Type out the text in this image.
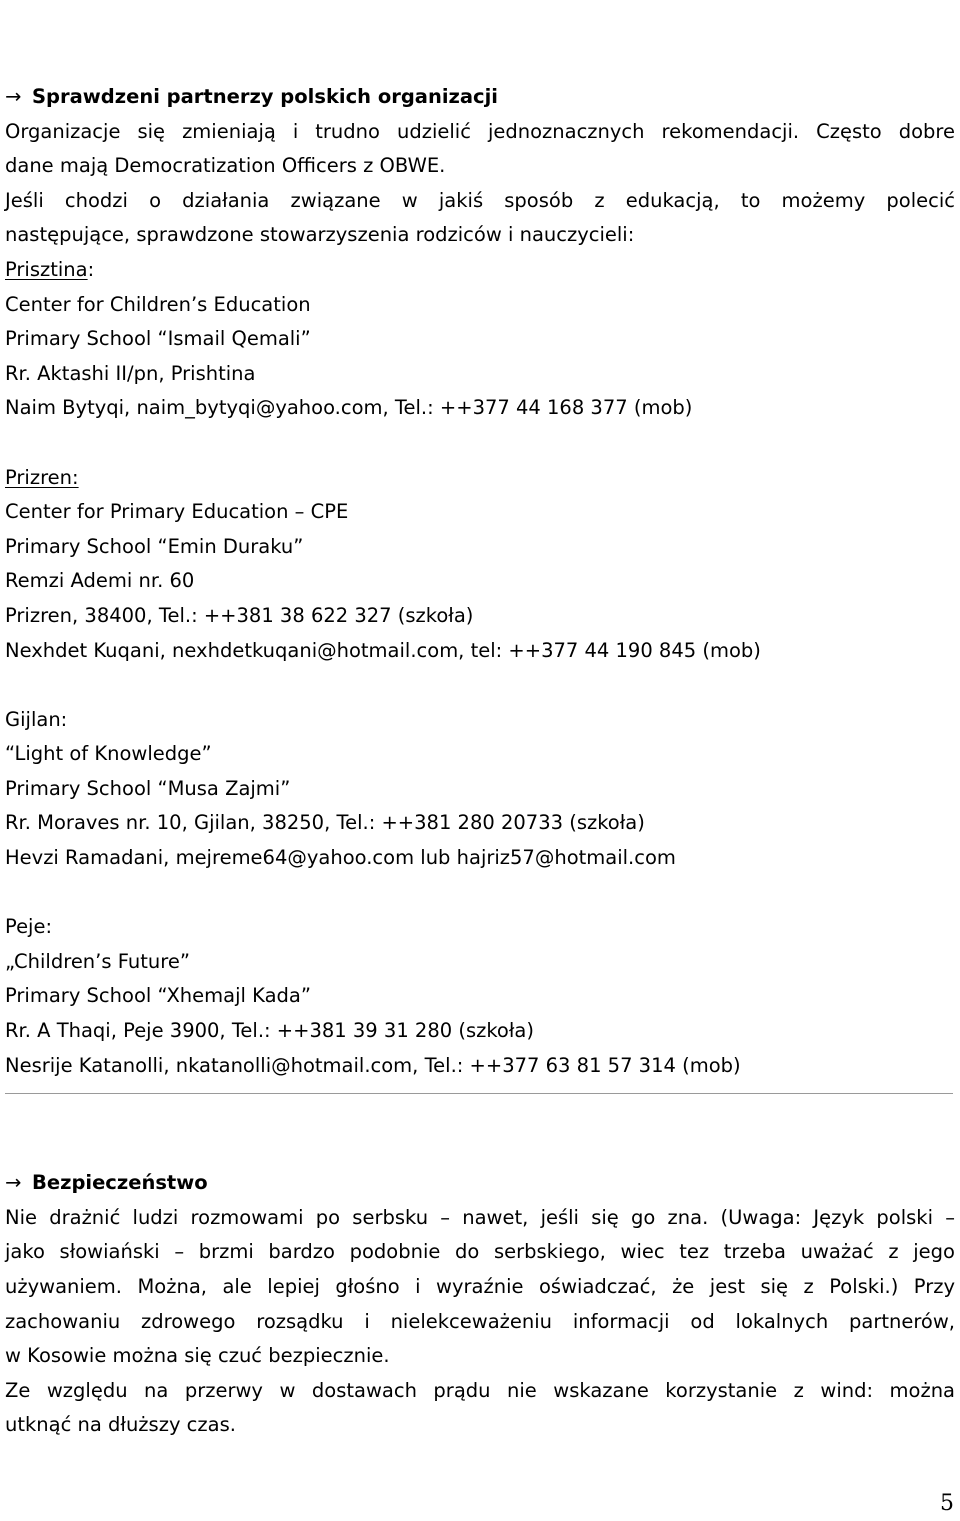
→ Sprawdzeni partnerzy polskich organizacji
Organizacje się zmieniają i trudno udzielić jednoznacznych rekomendacji. Często dobre
dane mają Democratization Officers z OBWE.
Jeśli chodzi o działania związane w jakiś sposób z edukacją, to możemy polecić
następujące, sprawdzone stowarzyszenia rodziców i nauczycieli:
Prisztina:
Center for Children’s Education
Primary School “Ismail Qemali”
Rr. Aktashi II/pn, Prishtina
Naim Bytyqi, naim_bytyqi@yahoo.com, Tel.: ++377 44 168 377 (mob)
Prizren:
Center for Primary Education – CPE
Primary School “Emin Duraku”
Remzi Ademi nr. 60
Prizren, 38400, Tel.: ++381 38 622 327 (szkoła)
Nexhdet Kuqani, nexhdetkuqani@hotmail.com, tel: ++377 44 190 845 (mob)
Gijlan:
“Light of Knowledge”
Primary School “Musa Zajmi”
Rr. Moraves nr. 10, Gjilan, 38250, Tel.: ++381 280 20733 (szkoła)
Hevzi Ramadani, mejreme64@yahoo.com lub hajriz57@hotmail.com
Peje:
„Children’s Future”
Primary School “Xhemajl Kada”
Rr. A Thaqi, Peje 3900, Tel.: ++381 39 31 280 (szkoła)
Nesrije Katanolli, nkatanolli@hotmail.com, Tel.: ++377 63 81 57 314 (mob)
→ Bezpieczeństwo
Nie drażnić ludzi rozmowami po serbsku – nawet, jeśli się go zna. (Uwaga: Język polski –
jako słowiański – brzmi bardzo podobnie do serbskiego, wiec tez trzeba uważać z jego
używaniem. Można, ale lepiej głośno i wyraźnie oświadczać, że jest się z Polski.) Przy
zachowaniu zdrowego rozsądku i nielekceważeniu informacji od lokalnych partnerów,
w Kosowie można się czuć bezpiecznie.
Ze względu na przerwy w dostawach prądu nie wskazane korzystanie z wind: można
utknąć na dłuższy czas.
5
